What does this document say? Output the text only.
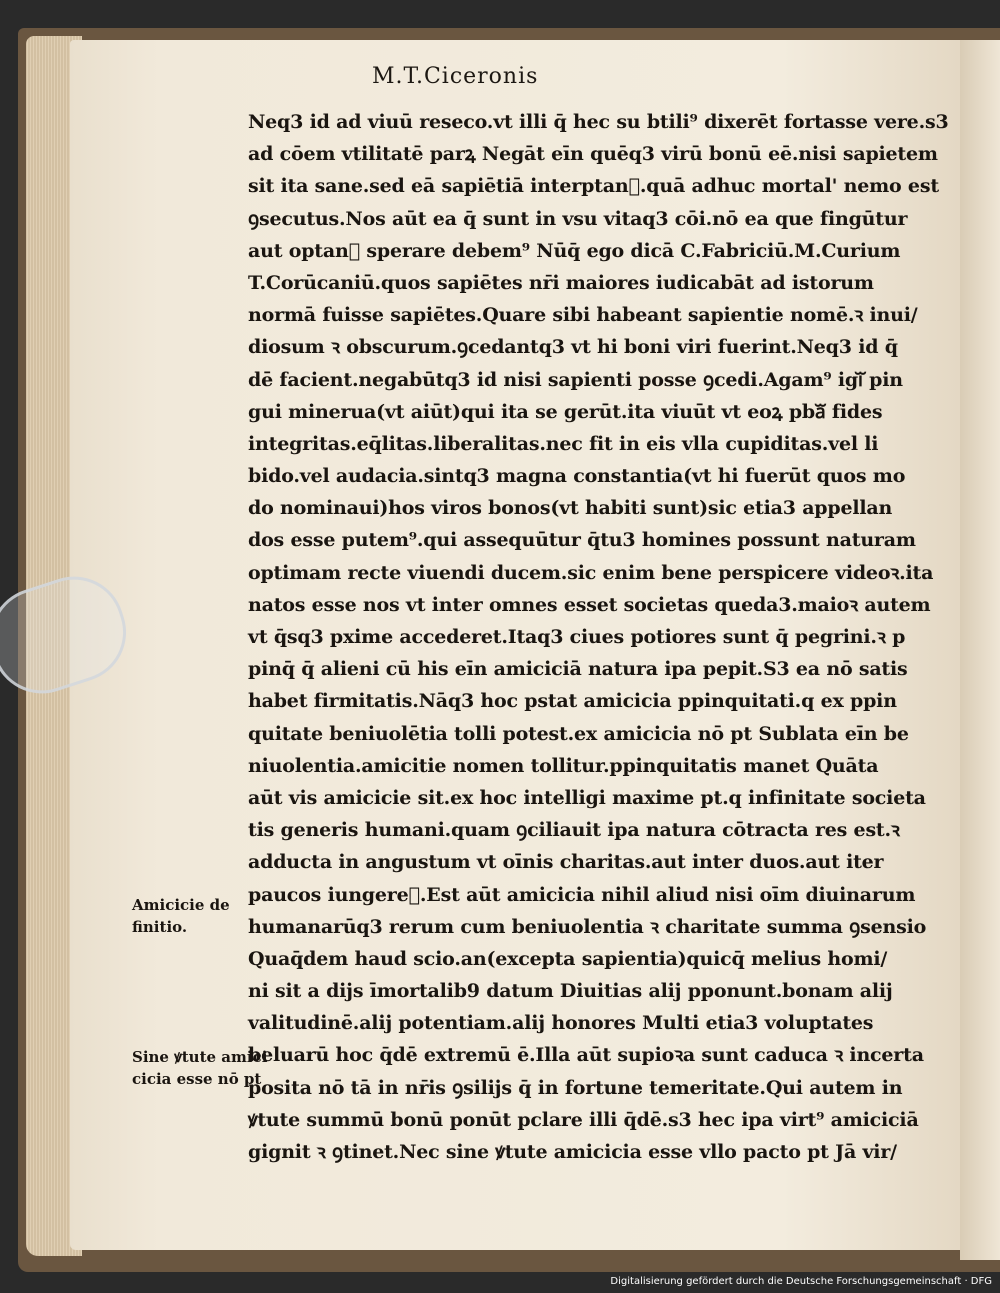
M.T.Ciceronis
Neq3 id ad viuū reseco.vt illi q̄ hec su btili⁹ dixerēt fortasse vere.s3
ad cōem vtilitatē parꝝ Negāt eīn quēq3 virū bonū eē.nisi sapietem
sit ita sane.sed eā sapiētiā interptanᷓ.quā adhuc mortal' nemo est
ꝯsecutus.Nos aūt ea q̄ sunt in vsu vitaq3 cōi.nō ea que fingūtur
aut optanᷓ sperare debem⁹ Nūq̄ ego dicā C.Fabriciū.M.Curium
T.Corūcaniū.quos sapiētes nr̄i maiores iudicabāt ad istorum
normā fuisse sapiētes.Quare sibi habeant sapientie nomē.ꝛ inui/
diosum ꝛ obscurum.ꝯcedantq3 vt hi boni viri fuerint.Neq3 id q̄
dē facient.negabūtq3 id nisi sapienti posse ꝯcedi.Agam⁹ igiᷓ pin
gui minerua(vt aiūt)qui ita se gerūt.ita viuūt vt eoꝝ pbaᷓ fides
integritas.eq̄litas.liberalitas.nec fit in eis vlla cupiditas.vel li
bido.vel audacia.sintq3 magna constantia(vt hi fuerūt quos mo
do nominaui)hos viros bonos(vt habiti sunt)sic etia3 appellan
dos esse putem⁹.qui assequūtur q̄tu3 homines possunt naturam
optimam recte viuendi ducem.sic enim bene perspicere videoꝛ.ita
natos esse nos vt inter omnes esset societas queda3.maioꝛ autem
vt q̄sq3 pxime accederet.Itaq3 ciues potiores sunt q̄ pegrini.ꝛ p
pinq̄ q̄ alieni cū his eīn amiciciā natura ipa pepit.S3 ea nō satis
habet firmitatis.Nāq3 hoc pstat amicicia ppinquitati.q ex ppin
quitate beniuolētia tolli potest.ex amicicia nō pt Sublata eīn be
niuolentia.amicitie nomen tollitur.ppinquitatis manet Quāta
aūt vis amicicie sit.ex hoc intelligi maxime pt.q infinitate societa
tis generis humani.quam ꝯciliauit ipa natura cōtracta res est.ꝛ
adducta in angustum vt oīnis charitas.aut inter duos.aut iter
paucos iungereᷓ.Est aūt amicicia nihil aliud nisi oīm diuinarum
humanarūq3 rerum cum beniuolentia ꝛ charitate summa ꝯsensio
Quaq̄dem haud scio.an(excepta sapientia)quicq̄ melius homi/
ni sit a dijs īmortalib9 datum Diuitias alij pponunt.bonam alij
valitudinē.alij potentiam.alij honores Multi etia3 voluptates
beluarū hoc q̄dē extremū ē.Illa aūt supioꝛa sunt caduca ꝛ incerta
posita nō tā in nr̄is ꝯsilijs q̄ in fortune temeritate.Qui autem in
ꝟtute summū bonū ponūt pclare illi q̄dē.s3 hec ipa virt⁹ amiciciā
gignit ꝛ ꝯtinet.Nec sine ꝟtute amicicia esse vllo pacto pt Jā vir/
Amicicie de
finitio.
Sine ꝟtute amici
cicia esse nō pt
Digitalisierung gefördert durch die Deutsche Forschungsgemeinschaft · DFG
